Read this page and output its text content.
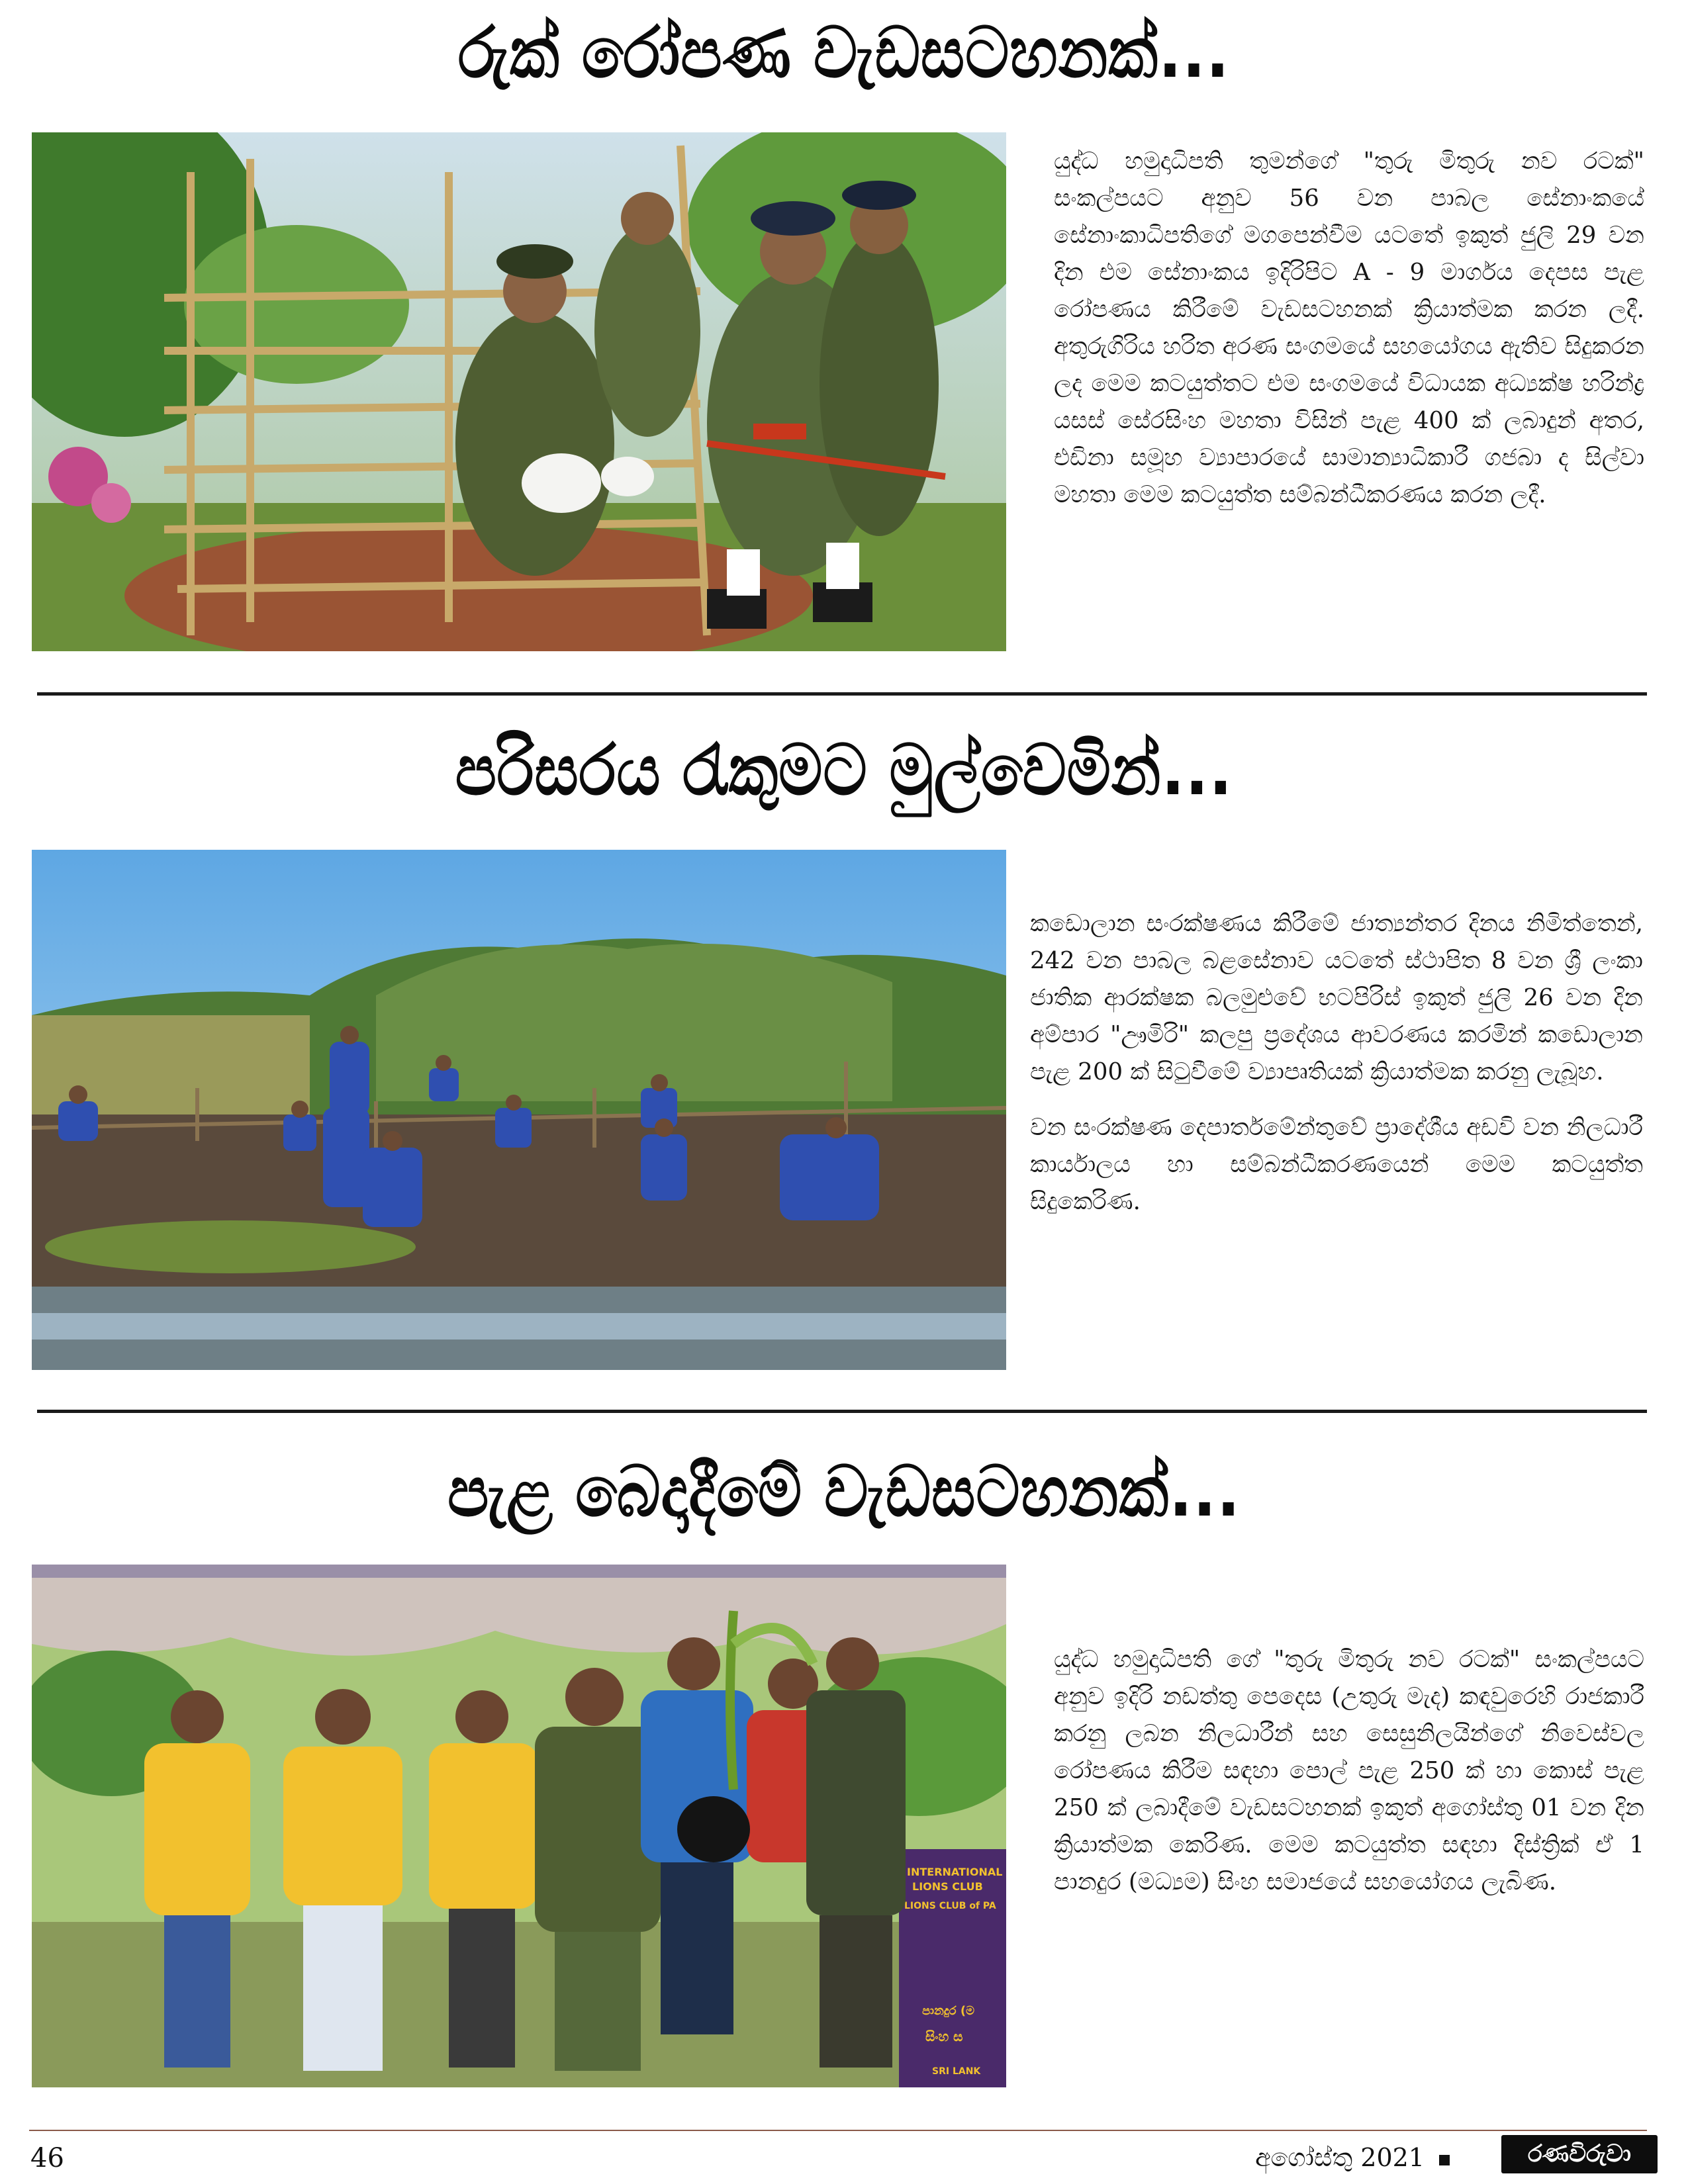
රුක් රෝපණ වැඩසටහනක්...

යුද්ධ හමුදාධිපති තුමන්ගේ "තුරු මිතුරු නව රටක්" සංකල්පයට අනුව 56 වන පාබල සේනාංකයේ සේනාංකාධිපතිගේ මගපෙන්වීම යටතේ ඉකුත් ජුලි 29 වන දින එම සේනාංකය ඉදිරිපිට A - 9 මාර්ගය දෙපස පැළ රෝපණය කිරීමේ වැඩසටහනක් ක්‍රියාත්මක කරන ලදී. අතුරුගිරිය හරිත අරණ සංගමයේ සහයෝගය ඇතිව සිදුකරන ලද මෙම කටයුත්තට එම සංගමයේ විධායක අධ්‍යක්ෂ හරින්ද්‍ර යසස් සේරසිංහ මහතා විසින් පැළ 400 ක් ලබාදුන් අතර, එඩිනා සමූහ ව්‍යාපාරයේ සාමාන්‍යාධිකාරී ගජබා ද සිල්වා මහතා මෙම කටයුත්ත සම්බන්ධීකරණය කරන ලදී.

පරිසරය රැකුමට මුල්වෙමින්...

කඩොලාන සංරක්ෂණය කිරීමේ ජාත්‍යන්තර දිනය නිමිත්තෙන්, 242 වන පාබල බළසේනාව යටතේ ස්ථාපිත 8 වන ශ්‍රී ලංකා ජාතික ආරක්ෂක බලමුළුවේ භටපිරිස් ඉකුත් ජුලි 26 වන දින අම්පාර "ඌමිරි" කලපු ප්‍රදේශය ආවරණය කරමින් කඩොලාන පැළ 200 ක් සිටුවීමේ ව්‍යාපෘතියක් ක්‍රියාත්මක කරනු ලැබූහ.

වන සංරක්ෂණ දෙපාර්තමේන්තුවේ ප්‍රාදේශීය අඩවි වන නිලධාරී කාර්යාලය හා සම්බන්ධීකරණයෙන් මෙම කටයුත්ත සිදුකෙරිණ.

පැළ බෙදාදීමේ වැඩසටහනක්...
INTERNATIONAL
LIONS CLUB
LIONS CLUB of PA
පානදුර (ම
සිංහ ස
SRI LANK

යුද්ධ හමුදාධිපති ගේ "තුරු මිතුරු නව රටක්" සංකල්පයට අනුව ඉදිරි නඩත්තු පෙදෙස (උතුරු මැද) කඳවුරෙහි රාජකාරී කරනු ලබන නිලධාරීන් සහ සෙසුනිලයින්ගේ නිවෙස්වල රෝපණය කිරීම සඳහා පොල් පැළ 250 ක් හා කොස් පැළ 250 ක් ලබාදීමේ වැඩසටහනක් ඉකුත් අගෝස්තු 01 වන දින ක්‍රියාත්මක කෙරිණ. මෙම කටයුත්ත සඳහා දිස්ත්‍රික් ඒ 1 පානදුර (මධ්‍යම) සිංහ සමාජයේ සහයෝගය ලැබිණ.

46	අගෝස්තු 2021	රණවිරුවා
